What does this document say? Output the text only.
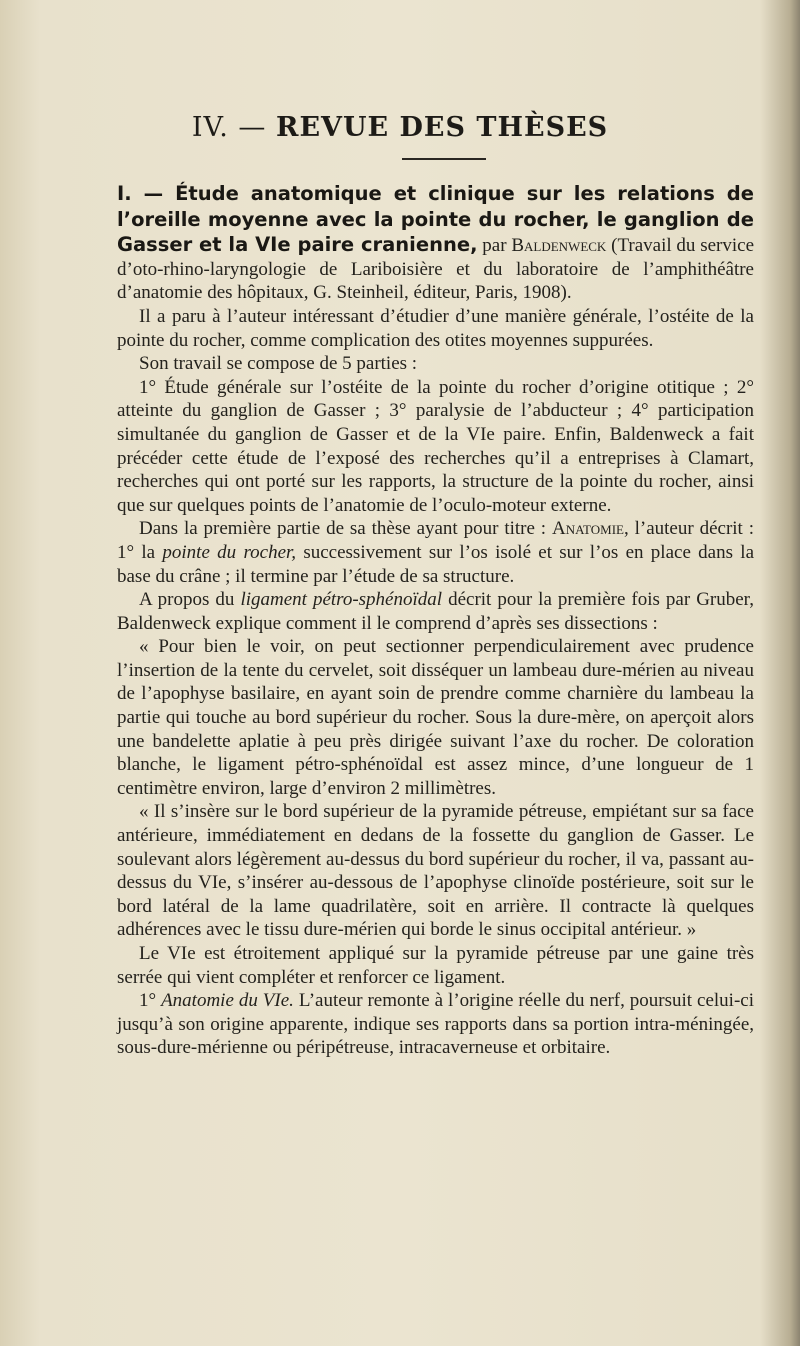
IV. — REVUE DES THÈSES

I. — Étude anatomique et clinique sur les relations de l’oreille moyenne avec la pointe du rocher, le ganglion de Gasser et la VIe paire cranienne, par Baldenweck (Travail du service d’oto-rhino-laryngologie de Lariboisière et du laboratoire de l’amphithéâtre d’anatomie des hôpitaux, G. Steinheil, éditeur, Paris, 1908).

Il a paru à l’auteur intéressant d’étudier d’une manière générale, l’ostéite de la pointe du rocher, comme complication des otites moyennes suppurées.

Son travail se compose de 5 parties :

1° Étude générale sur l’ostéite de la pointe du rocher d’origine otitique ; 2° atteinte du ganglion de Gasser ; 3° paralysie de l’abducteur ; 4° participation simultanée du ganglion de Gasser et de la VIe paire. Enfin, Baldenweck a fait précéder cette étude de l’exposé des recherches qu’il a entreprises à Clamart, recherches qui ont porté sur les rapports, la structure de la pointe du rocher, ainsi que sur quelques points de l’anatomie de l’oculo-moteur externe.

Dans la première partie de sa thèse ayant pour titre : Anatomie, l’auteur décrit : 1° la pointe du rocher, successivement sur l’os isolé et sur l’os en place dans la base du crâne ; il termine par l’étude de sa structure.

A propos du ligament pétro-sphénoïdal décrit pour la première fois par Gruber, Baldenweck explique comment il le comprend d’après ses dissections :

« Pour bien le voir, on peut sectionner perpendiculairement avec prudence l’insertion de la tente du cervelet, soit disséquer un lambeau dure-mérien au niveau de l’apophyse basilaire, en ayant soin de prendre comme charnière du lambeau la partie qui touche au bord supérieur du rocher. Sous la dure-mère, on aperçoit alors une bandelette aplatie à peu près dirigée suivant l’axe du rocher. De coloration blanche, le ligament pétro-sphénoïdal est assez mince, d’une longueur de 1 centimètre environ, large d’environ 2 millimètres.

« Il s’insère sur le bord supérieur de la pyramide pétreuse, empiétant sur sa face antérieure, immédiatement en dedans de la fossette du ganglion de Gasser. Le soulevant alors légèrement au-dessus du bord supérieur du rocher, il va, passant au-dessus du VIe, s’insérer au-dessous de l’apophyse clinoïde postérieure, soit sur le bord latéral de la lame quadrilatère, soit en arrière. Il contracte là quelques adhérences avec le tissu dure-mérien qui borde le sinus occipital antérieur. »

Le VIe est étroitement appliqué sur la pyramide pétreuse par une gaine très serrée qui vient compléter et renforcer ce ligament.

1° Anatomie du VIe. L’auteur remonte à l’origine réelle du nerf, poursuit celui-ci jusqu’à son origine apparente, indique ses rapports dans sa portion intra-méningée, sous-dure-mérienne ou péripétreuse, intracaverneuse et orbitaire.
